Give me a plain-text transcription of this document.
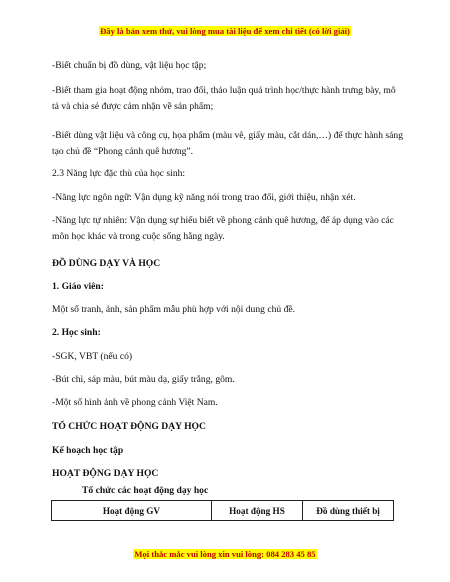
Đây là bản xem thử, vui lòng mua tài liệu để xem chi tiết (có lời giải)

-Biết chuẩn bị đồ dùng, vật liệu học tập;

-Biết tham gia hoạt động nhóm, trao đổi, thảo luận quá trình học/thực hành trưng bày, mô tả và chia sẻ được cảm nhận về sản phẩm;

-Biết dùng vật liệu và công cụ, họa phẩm (màu vẽ, giấy màu, cắt dán,…) để thực hành sáng tạo chủ đề “Phong cảnh quê hương”.

2.3 Năng lực đặc thù của học sinh:

-Năng lực ngôn ngữ: Vận dụng kỹ năng nói trong trao đổi, giới thiệu, nhận xét.

-Năng lực tự nhiên: Vận dụng sự hiểu biết về phong cảnh quê hương, để áp dụng vào các môn học khác và trong cuộc sống hằng ngày.

ĐỒ DÙNG DẠY VÀ HỌC

1. Giáo viên:

Một số tranh, ảnh, sản phẩm mẫu phù hợp với nội dung chủ đề.

2. Học sinh:

-SGK, VBT (nếu có)

-Bút chì, sáp màu, bút màu dạ, giấy trắng, gôm.

-Một số hình ảnh về phong cảnh Việt Nam.

TỔ CHỨC HOẠT ĐỘNG DẠY HỌC

Kế hoạch học tập

HOẠT ĐỘNG DẠY HỌC

Tổ chức các hoạt động dạy học

Hoạt động GV	Hoạt động HS	Đồ dùng thiết bị
Mọi thắc mắc vui lòng xin vui lòng: 084 283 45 85
